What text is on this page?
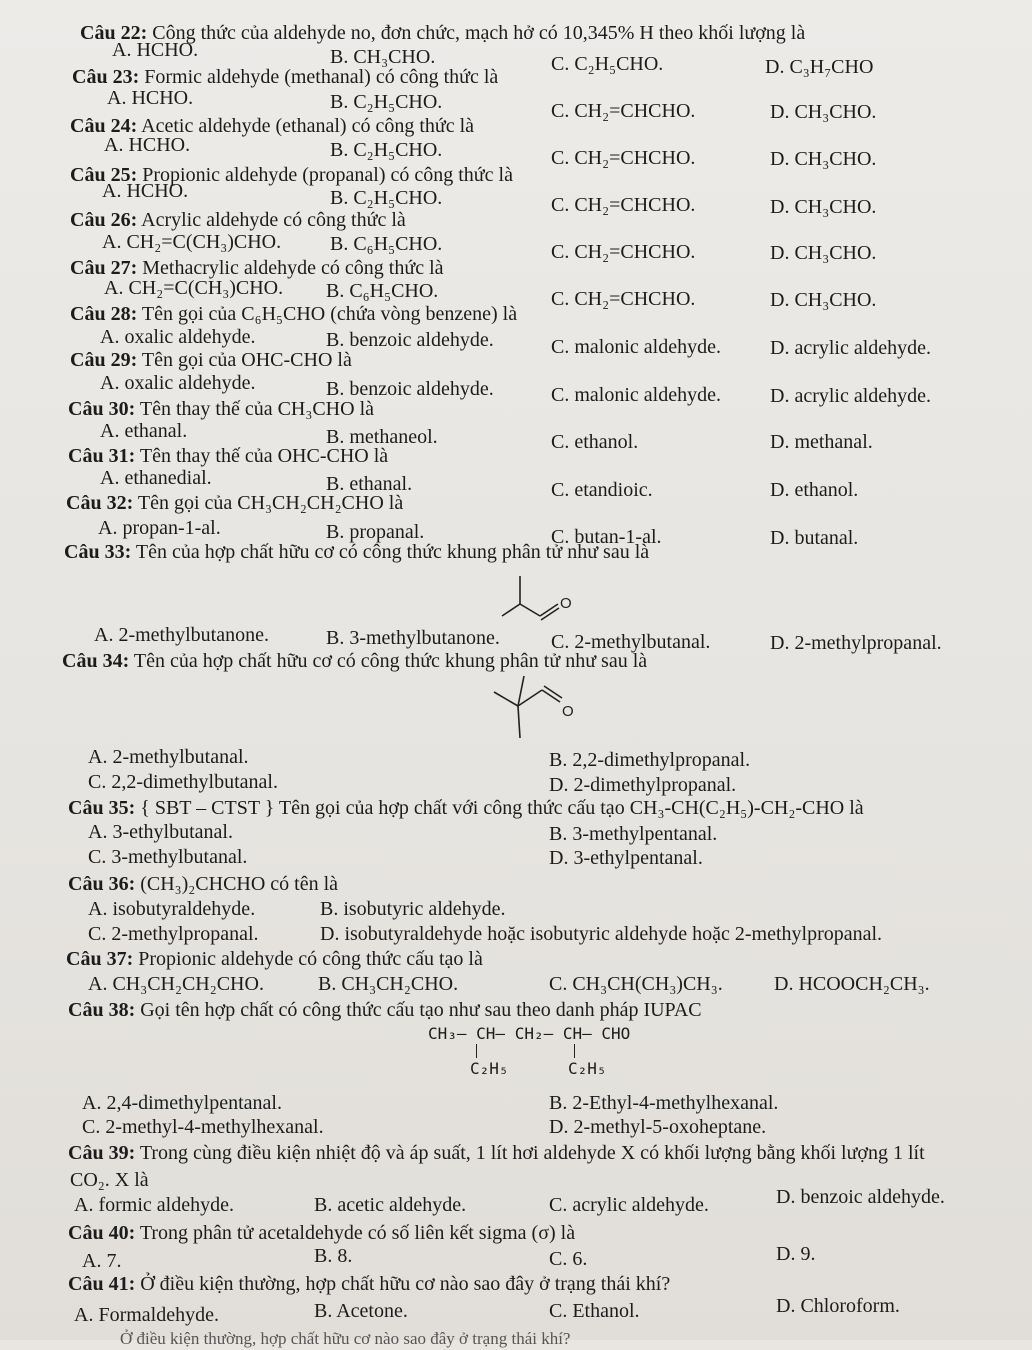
Câu 22: Công thức của aldehyde no, đơn chức, mạch hở có 10,345% H theo khối lượng là
A. HCHO.	B. CH₃CHO.	C. C₂H₅CHO.	D. C₃H₇CHO
Câu 23: Formic aldehyde (methanal) có công thức là
A. HCHO.	B. C₂H₅CHO.	C. CH₂=CHCHO.	D. CH₃CHO.
Câu 24: Acetic aldehyde (ethanal) có công thức là
A. HCHO.	B. C₂H₅CHO.	C. CH₂=CHCHO.	D. CH₃CHO.
Câu 25: Propionic aldehyde (propanal) có công thức là
A. HCHO.	B. C₂H₅CHO.	C. CH₂=CHCHO.	D. CH₃CHO.
Câu 26: Acrylic aldehyde có công thức là
A. CH₂=C(CH₃)CHO. B. C₆H₅CHO.	C. CH₂=CHCHO.	D. CH₃CHO.
Câu 27: Methacrylic aldehyde có công thức là
A. CH₂=C(CH₃)CHO. B. C₆H₅CHO.	C. CH₂=CHCHO.	D. CH₃CHO.
Câu 28: Tên gọi của C₆H₅CHO (chứa vòng benzene) là
A. oxalic aldehyde.	B. benzoic aldehyde.	C. malonic aldehyde. D. acrylic aldehyde.
Câu 29: Tên gọi của OHC-CHO là
A. oxalic aldehyde.	B. benzoic aldehyde.	C. malonic aldehyde. D. acrylic aldehyde.
Câu 30: Tên thay thế của CH₃CHO là
A. ethanal.	B. methaneol.	C. ethanol.	D. methanal.
Câu 31: Tên thay thế của OHC-CHO là
A. ethanedial.	B. ethanal.	C. etandioic.	D. ethanol.
Câu 32: Tên gọi của CH₃CH₂CH₂CHO là
A. propan-1-al.	B. propanal.	C. butan-1-al.	D. butanal.
Câu 33: Tên của hợp chất hữu cơ có công thức khung phân tử như sau là
O
A. 2-methylbutanone.	B. 3-methylbutanone.	C. 2-methylbutanal.	D. 2-methylpropanal.
Câu 34: Tên của hợp chất hữu cơ có công thức khung phân tử như sau là
O
A. 2-methylbutanal.	B. 2,2-dimethylpropanal.
C. 2,2-dimethylbutanal.	D. 2-dimethylpropanal.
Câu 35: { SBT – CTST } Tên gọi của hợp chất với công thức cấu tạo CH₃-CH(C₂H₅)-CH₂-CHO là
A. 3-ethylbutanal.	B. 3-methylpentanal.
C. 3-methylbutanal.	D. 3-ethylpentanal.
Câu 36: (CH₃)₂CHCHO có tên là
A. isobutyraldehyde.	B. isobutyric aldehyde.
C. 2-methylpropanal.	D. isobutyraldehyde hoặc isobutyric aldehyde hoặc 2-methylpropanal.
Câu 37: Propionic aldehyde có công thức cấu tạo là
A. CH₃CH₂CH₂CHO.	B. CH₃CH₂CHO.	C. CH₃CH(CH₃)CH₃.	D. HCOOCH₂CH₃.
Câu 38: Gọi tên hợp chất có công thức cấu tạo như sau theo danh pháp IUPAC
CH₃— CH— CH₂— CH— CHO
C₂H₅	C₂H₅
A. 2,4-dimethylpentanal.	B. 2-Ethyl-4-methylhexanal.
C. 2-methyl-4-methylhexanal.	D. 2-methyl-5-oxoheptane.
Câu 39: Trong cùng điều kiện nhiệt độ và áp suất, 1 lít hơi aldehyde X có khối lượng bằng khối lượng 1 lít
CO₂. X là
A. formic aldehyde.	B. acetic aldehyde.	C. acrylic aldehyde.	D. benzoic aldehyde.
Câu 40: Trong phân tử acetaldehyde có số liên kết sigma (σ) là
A. 7.	B. 8.	C. 6.	D. 9.
Câu 41: Ở điều kiện thường, hợp chất hữu cơ nào sao đây ở trạng thái khí?
A. Formaldehyde.	B. Acetone.	C. Ethanol.	D. Chloroform.
Ở điều kiện thường, hợp chất hữu cơ nào sao đây ở trạng thái khí?
